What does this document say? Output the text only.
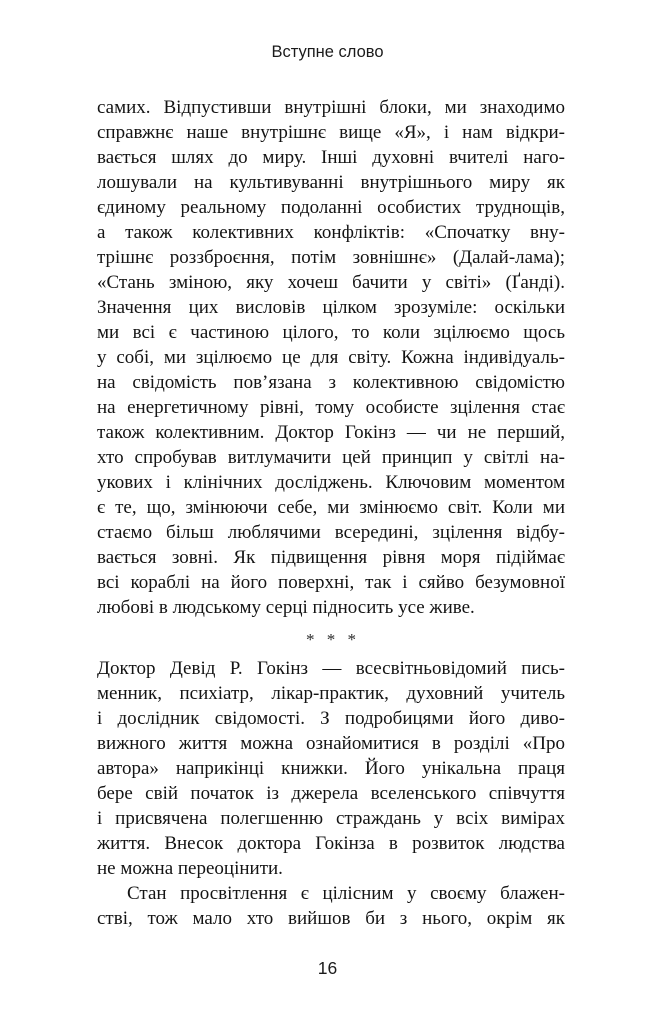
Вступне слово
самих. Відпустивши внутрішні блоки, ми знаходимо
справжнє наше внутрішнє вище «Я», і нам відкри-
вається шлях до миру. Інші духовні вчителі наго-
лошували на культивуванні внутрішнього миру як
єдиному реальному подоланні особистих труднощів,
а також колективних конфліктів: «Спочатку вну-
трішнє роззброєння, потім зовнішнє» (Далай-лама);
«Стань зміною, яку хочеш бачити у світі» (Ґанді).
Значення цих висловів цілком зрозуміле: оскільки
ми всі є частиною цілого, то коли зцілюємо щось
у собі, ми зцілюємо це для світу. Кожна індивідуаль-
на свідомість пов’язана з колективною свідомістю
на енергетичному рівні, тому особисте зцілення стає
також колективним. Доктор Гокінз — чи не перший,
хто спробував витлумачити цей принцип у світлі на-
укових і клінічних досліджень. Ключовим моментом
є те, що, змінюючи себе, ми змінюємо світ. Коли ми
стаємо більш люблячими всередині, зцілення відбу-
вається зовні. Як підвищення рівня моря підіймає
всі кораблі на його поверхні, так і сяйво безумовної
любові в людському серці підносить усе живе.
* * *
Доктор Девід Р. Гокінз — всесвітньовідомий пись-
менник, психіатр, лікар-практик, духовний учитель
і дослідник свідомості. З подробицями його диво-
вижного життя можна ознайомитися в розділі «Про
автора» наприкінці книжки. Його унікальна праця
бере свій початок із джерела вселенського співчуття
і присвячена полегшенню страждань у всіх вимірах
життя. Внесок доктора Гокінза в розвиток людства
не можна переоцінити.
Стан просвітлення є цілісним у своєму блажен-
стві, тож мало хто вийшов би з нього, окрім як
16
